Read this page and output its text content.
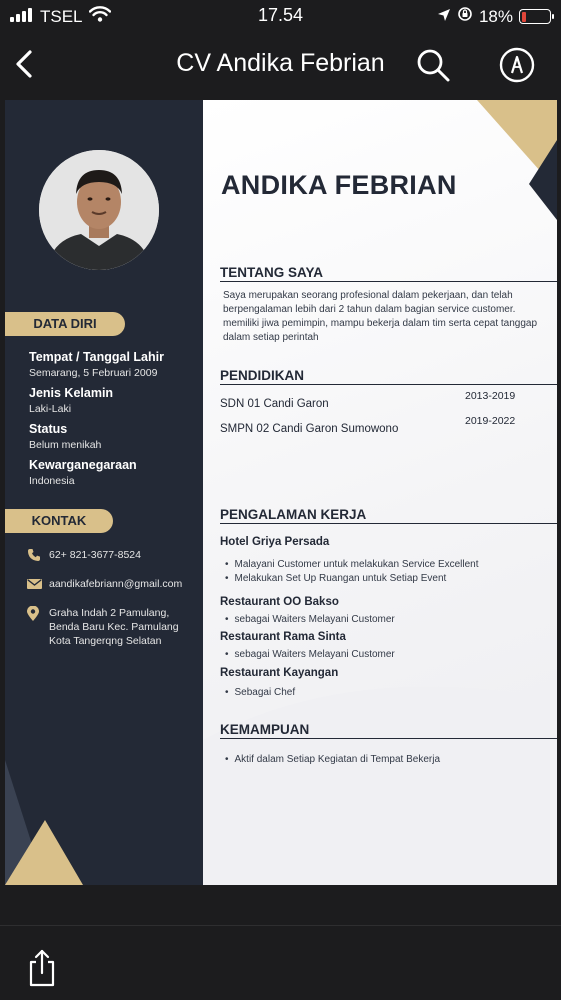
TSEL	17.54	18%
CV Andika Febrian
DATA DIRI
Tempat / Tanggal Lahir
Semarang, 5 Februari 2009
Jenis Kelamin
Laki-Laki
Status
Belum menikah
Kewarganegaraan
Indonesia
KONTAK
62+ 821-3677-8524
aandikafebriann@gmail.com
Graha Indah 2 Pamulang, Benda Baru Kec. Pamulang Kota Tangerqng Selatan
ANDIKA FEBRIAN
TENTANG SAYA
Saya merupakan seorang profesional dalam pekerjaan, dan telah berpengalaman lebih dari 2 tahun dalam bagian service customer. memiliki jiwa pemimpin, mampu bekerja dalam tim serta cepat tanggap dalam setiap perintah
PENDIDIKAN
SDN 01 Candi Garon
2013-2019
SMPN 02 Candi Garon Sumowono
2019-2022
PENGALAMAN KERJA
Hotel Griya Persada
• Malayani Customer untuk melakukan Service Excellent
• Melakukan Set Up Ruangan untuk Setiap Event
Restaurant OO Bakso
• sebagai Waiters Melayani Customer
Restaurant Rama Sinta
• sebagai Waiters Melayani Customer
Restaurant Kayangan
• Sebagai Chef
KEMAMPUAN
• Aktif dalam Setiap Kegiatan di Tempat Bekerja
